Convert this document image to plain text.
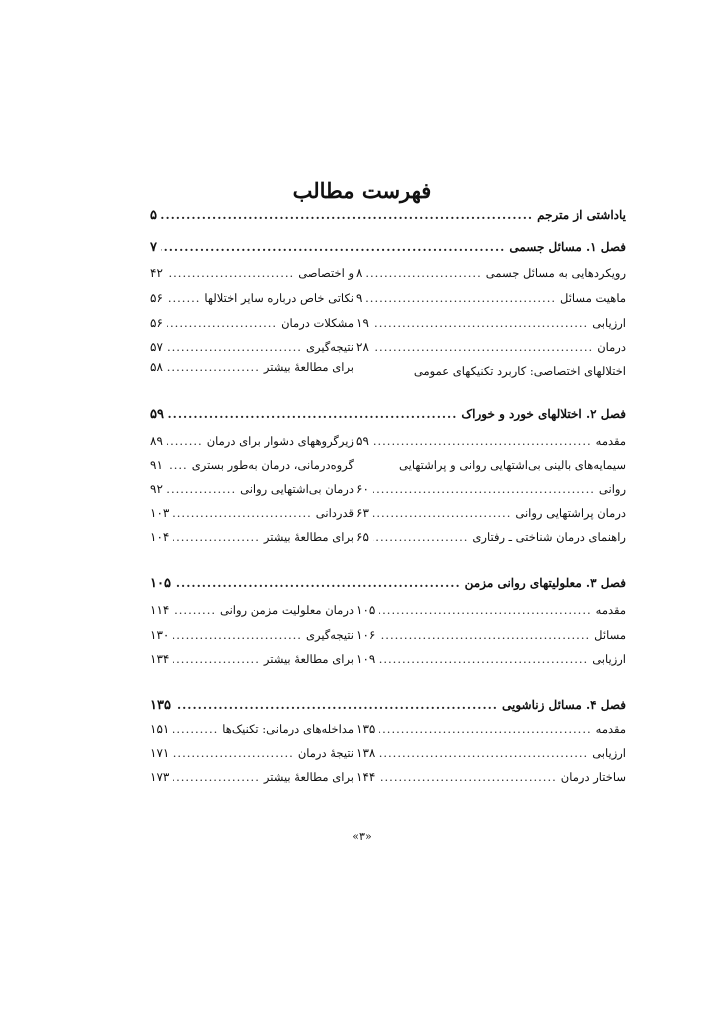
فهرست مطالب
یاداشتی از مترجم
.....
۵
فصل ۱. مسائل جسمی
.....
۷
رویکردهایی به مسائل جسمی
.....
۸
ماهیت مسائل
.....
۹
ارزیابی
.....
۱۹
درمان
.....
۲۸
اختلالهای اختصاصی: کاربرد تکنیکهای عمومی
و اختصاصی
.....
۴۲
نکاتی خاص درباره سایر اختلالها
.....
۵۶
مشکلات درمان
.....
۵۶
نتیجه‌گیری
.....
۵۷
برای مطالعهٔ بیشتر
.....
۵۸
فصل ۲. اختلالهای خورد و خوراک
.....
۵۹
مقدمه
.....
۵۹
سیمایه‌های بالینی بی‌اشتهایی روانی و پراشتهایی
روانی
.....
۶۰
درمان پراشتهایی روانی
.....
۶۳
راهنمای درمان شناختی ـ رفتاری
.....
۶۵
زیرگروههای دشوار برای درمان
.....
۸۹
گروه‌درمانی، درمان به‌طور بستری
.....
۹۱
درمان بی‌اشتهایی روانی
.....
۹۲
قدردانی
.....
۱۰۳
برای مطالعهٔ بیشتر
.....
۱۰۴
فصل ۳. معلولیتهای روانی مزمن
.....
۱۰۵
مقدمه
.....
۱۰۵
مسائل
.....
۱۰۶
ارزیابی
.....
۱۰۹
درمان معلولیت مزمن روانی
.....
۱۱۴
نتیجه‌گیری
.....
۱۳۰
برای مطالعهٔ بیشتر
.....
۱۳۴
فصل ۴. مسائل زناشویی
.....
۱۳۵
مقدمه
.....
۱۳۵
ارزیابی
.....
۱۳۸
ساختار درمان
.....
۱۴۴
مداخله‌های درمانی: تکنیک‌ها
.....
۱۵۱
نتیجهٔ درمان
.....
۱۷۱
برای مطالعهٔ بیشتر
.....
۱۷۳
«۳»
